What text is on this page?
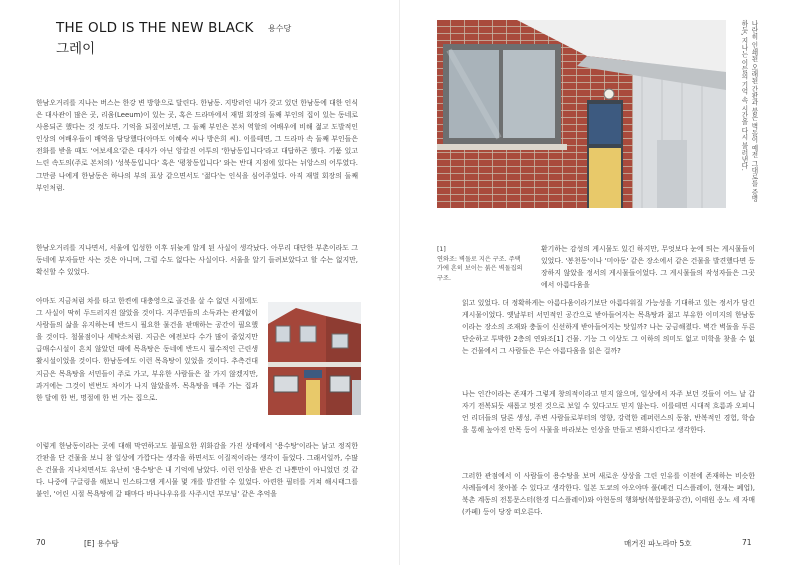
THE OLD IS THE NEW BLACK
그레이
용수당

한남오거리를 지나는 버스는 한강 변 방향으로 달린다. 한남동. 지방러인 내가 갖고 있던 한남동에 대한 인식은 대사관이 많은 곳, 리움(Leeum)이 있는 곳, 혹은 드라마에서 재벌 회장의 둘째 부인의 집이 있는 동네로 사용되곤 했다는 것 정도다. 기억을 되짚어보면, 그 둘째 부인은 본처 역할의 여배우에 비해 젊고 도발적인 인상의 여배우들이 배역을 담당했다(아마도 이혜숙 씨나 방은희 씨). 이를테면, 그 드라마 속 둘째 부인들은 전화를 받을 때도 '여보세요'같은 대사가 아닌 앙칼진 어투의 '한남동입니다'라고 대답하곤 했다. 기품 있고 느린 속도의(주로 본처의) '성북동입니다' 혹은 '평창동입니다' 와는 반대 지점에 있다는 뉘앙스의 어투였다. 그만큼 나에게 한남동은 하나의 부의 표상 같으면서도 '젊다'는 인식을 심어주었다. 아직 재벌 회장의 둘째 부인처럼.

한남오거리를 지나면서, 서울에 입성한 이후 뒤늦게 알게 된 사실이 생각났다. 아무리 대단한 부촌이라도 그 동네에 부자들만 사는 것은 아니며, 그럴 수도 없다는 사실이다. 서울을 알기 들려보았다고 할 수는 없지만, 확신할 수 있었다.

아마도 지금처럼 차를 타고 한켠에 대충영으로 골건을 살 수 없던 시절에도 그 사실이 딱히 두드러지진 않았을 것이다. 지주민들의 소득과는 관계없이 사람들의 삶을 유지하는데 반드시 필요한 물건을 판매하는 공간이 필요했을 것이다. 철물점이나 세탁소처럼. 지금은 예전보다 수가 많이 줄었지만 급매수시설이 흔치 않았던 때에 목욕탕은 동네에 반드시 필수적인 근린생활시설이었을 것이다. 한남동에도 이런 목욕탕이 있었을 것이다. 추측건대 지금은 목욕탕을 서민들이 주로 가고, 부유한 사람들은 잘 가지 않겠지만, 과거에는 그것이 빈번도 차이가 나지 않았을까. 목욕탕을 매주 가는 집과 한 달에 한 번, 명절에 한 번 가는 집으로.

이렇게 한남동이라는 곳에 대해 막연하고도 불필요한 위화감을 가진 상태에서 '용수탕'이라는 낡고 정직한 간판을 단 건물을 보니 참 일상에 가깝다는 생각을 하면서도 이질적이라는 생각이 들었다. 그래서일까, 수많은 건물을 지나치면서도 유난히 '용수탕'은 내 기억에 남았다. 이런 인상을 받은 건 나뿐만이 아니었던 것 같다. 나중에 구글링을 해보니 인스타그램 게시물 몇 개를 발견할 수 있었다. 아련한 필터를 거쳐 해시태그를 붙인, '어린 시절 목욕탕에 갈 때마다 바나나우유를 사주시던 부모님' 같은 추억을

70	[E] 용수탕
나란히 인쇄된 오래된 간판과 붉은 벽돌이 예전 그대로를 증명하듯, 지나는 이들의 기억 속 시간을 다시 불러낸다.

[1]
연와조: 벽돌로 지은 구조. 주택가에 흔히 보이는 붉은 벽돌집의 구조.

환기하는 감성의 게시물도 있긴 하지만, 무엇보다 눈에 띄는 게시물들이 있었다. '봉천동'이나 '미아동' 같은 장소에서 같은 건물을 발견했다면 등장하지 않았을 정서의 게시물들이었다. 그 게시물들의 작성자들은 그곳에서 아름다움을

읽고 있었다. 더 정확하게는 아름다움이라기보단 아름다워질 가능성을 기대하고 있는 정서가 담긴 게시물이었다. 옛날부터 서민적인 공간으로 받아들여지는 목욕탕과 젊고 부유한 이미지의 한남동이라는 장소의 조재와 충돌이 신선하게 받아들여지는 탓일까? 나는 궁금해졌다. 벽간 벽돌을 두른 단순하고 투박한 2층의 연와조[1] 건물. 기능 그 이상도 그 이하의 의미도 없고 미학을 찾을 수 없는 건물에서 그 사람들은 무슨 아름다움을 읽은 걸까?

나는 인간이라는 존재가 그렇게 창의적이라고 믿지 않으며, 일상에서 자주 보던 것들이 어느 날 갑자기 전복되듯 새롭고 멋진 것으로 보일 수 있다고도 믿지 않는다. 이를테면 시대적 흐름과 오피니언 리더들의 담론 생성, 주변 사람들로부터의 영향, 강력한 레퍼런스의 동참, 반복적인 경험, 학습을 통해 높아진 안목 등이 사물을 바라보는 인상을 만들고 변화시킨다고 생각한다.

그러한 관점에서 이 사람들이 용수탕을 보며 새로운 상상을 그린 인유를 이전에 존재하는 비슷한 사례들에서 찾아볼 수 있다고 생각한다. 일본 도쿄의 아오야마 풀(폐건 디스플레이, 현재는 폐업), 북촌 계동의 전통문스터(한경 디스플레이)와 아현동의 행화탕(복합문화공간), 이태원 옹노 세 자매(카페) 등이 당장 떠오른다.

매거진 파노라마 5호	71
